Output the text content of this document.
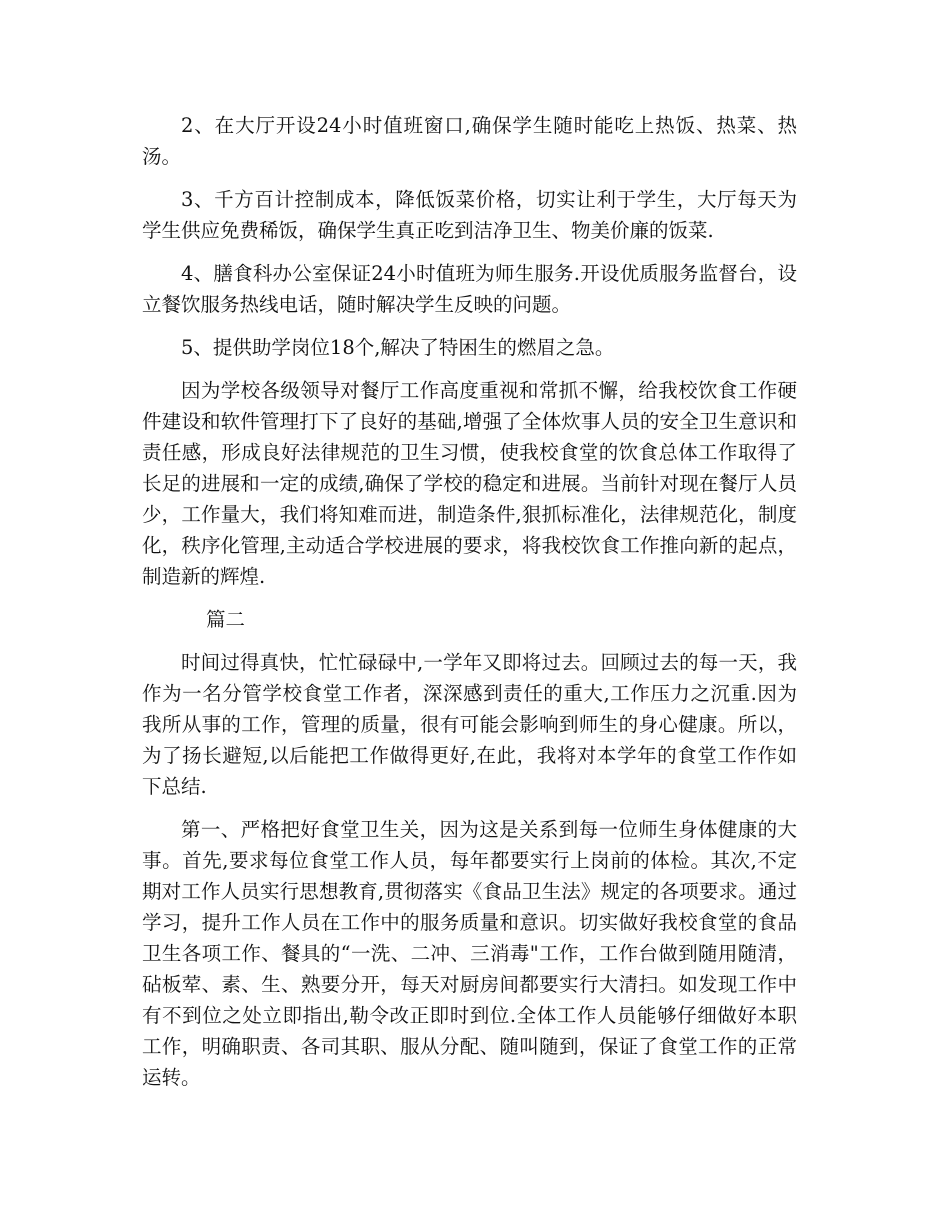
2、在大厅开设24小时值班窗口,确保学生随时能吃上热饭、热菜、热汤。

3、千方百计控制成本，降低饭菜价格，切实让利于学生，大厅每天为学生供应免费稀饭，确保学生真正吃到洁净卫生、物美价廉的饭菜.

4、膳食科办公室保证24小时值班为师生服务.开设优质服务监督台，设立餐饮服务热线电话，随时解决学生反映的问题。

5、提供助学岗位18个,解决了特困生的燃眉之急。

因为学校各级领导对餐厅工作高度重视和常抓不懈，给我校饮食工作硬件建设和软件管理打下了良好的基础,增强了全体炊事人员的安全卫生意识和责任感，形成良好法律规范的卫生习惯，使我校食堂的饮食总体工作取得了长足的进展和一定的成绩,确保了学校的稳定和进展。当前针对现在餐厅人员少，工作量大，我们将知难而进，制造条件,狠抓标准化，法律规范化，制度化，秩序化管理,主动适合学校进展的要求，将我校饮食工作推向新的起点，制造新的辉煌.

篇二

时间过得真快，忙忙碌碌中,一学年又即将过去。回顾过去的每一天，我作为一名分管学校食堂工作者，深深感到责任的重大,工作压力之沉重.因为我所从事的工作，管理的质量，很有可能会影响到师生的身心健康。所以，为了扬长避短,以后能把工作做得更好,在此，我将对本学年的食堂工作作如下总结.

第一、严格把好食堂卫生关，因为这是关系到每一位师生身体健康的大事。首先,要求每位食堂工作人员，每年都要实行上岗前的体检。其次,不定期对工作人员实行思想教育,贯彻落实《食品卫生法》规定的各项要求。通过学习，提升工作人员在工作中的服务质量和意识。切实做好我校食堂的食品卫生各项工作、餐具的“一洗、二冲、三消毒"工作，工作台做到随用随清，砧板荤、素、生、熟要分开，每天对厨房间都要实行大清扫。如发现工作中有不到位之处立即指出,勒令改正即时到位.全体工作人员能够仔细做好本职工作，明确职责、各司其职、服从分配、随叫随到，保证了食堂工作的正常运转。
